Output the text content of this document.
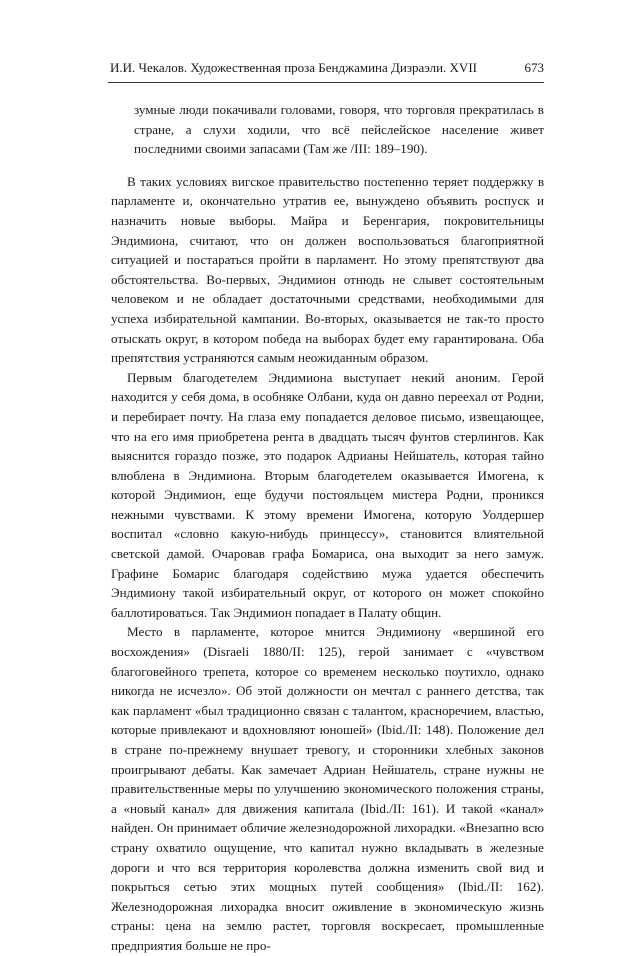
И.И. Чекалов. Художественная проза Бенджамина Дизраэли. XVII	673

зумные люди покачивали головами, говоря, что торговля прекратилась в стране, а слухи ходили, что всё пейслейское население живет последними своими запасами (Там же /III: 189–190).

В таких условиях вигское правительство постепенно теряет поддержку в парламенте и, окончательно утратив ее, вынуждено объявить роспуск и назначить новые выборы. Майра и Беренгария, покровительницы Эндимиона, считают, что он должен воспользоваться благоприятной ситуацией и постараться пройти в парламент. Но этому препятствуют два обстоятельства. Во-первых, Эндимион отнюдь не слывет состоятельным человеком и не обладает достаточными средствами, необходимыми для успеха избирательной кампании. Во-вторых, оказывается не так-то просто отыскать округ, в котором победа на выборах будет ему гарантирована. Оба препятствия устраняются самым неожиданным образом.

Первым благодетелем Эндимиона выступает некий аноним. Герой находится у себя дома, в особняке Олбани, куда он давно переехал от Родни, и перебирает почту. На глаза ему попадается деловое письмо, извещающее, что на его имя приобретена рента в двадцать тысяч фунтов стерлингов. Как выяснится гораздо позже, это подарок Адрианы Нейшатель, которая тайно влюблена в Эндимиона. Вторым благодетелем оказывается Имогена, к которой Эндимион, еще будучи постояльцем мистера Родни, проникся нежными чувствами. К этому времени Имогена, которую Уолдершер воспитал «словно какую-нибудь принцессу», становится влиятельной светской дамой. Очаровав графа Бомариса, она выходит за него замуж. Графине Бомарис благодаря содействию мужа удается обеспечить Эндимиону такой избирательный округ, от которого он может спокойно баллотироваться. Так Эндимион попадает в Палату общин.

Место в парламенте, которое мнится Эндимиону «вершиной его восхождения» (Disraeli 1880/II: 125), герой занимает с «чувством благоговейного трепета, которое со временем несколько поутихло, однако никогда не исчезло». Об этой должности он мечтал с раннего детства, так как парламент «был традиционно связан с талантом, красноречием, властью, которые привлекают и вдохновляют юношей» (Ibid./II: 148). Положение дел в стране по-прежнему внушает тревогу, и сторонники хлебных законов проигрывают дебаты. Как замечает Адриан Нейшатель, стране нужны не правительственные меры по улучшению экономического положения страны, а «новый канал» для движения капитала (Ibid./II: 161). И такой «канал» найден. Он принимает обличие железнодорожной лихорадки. «Внезапно всю страну охватило ощущение, что капитал нужно вкладывать в железные дороги и что вся территория королевства должна изменить свой вид и покрыться сетью этих мощных путей сообщения» (Ibid./II: 162). Железнодорожная лихорадка вносит оживление в экономическую жизнь страны: цена на землю растет, торговля воскресает, промышленные предприятия больше не про-
